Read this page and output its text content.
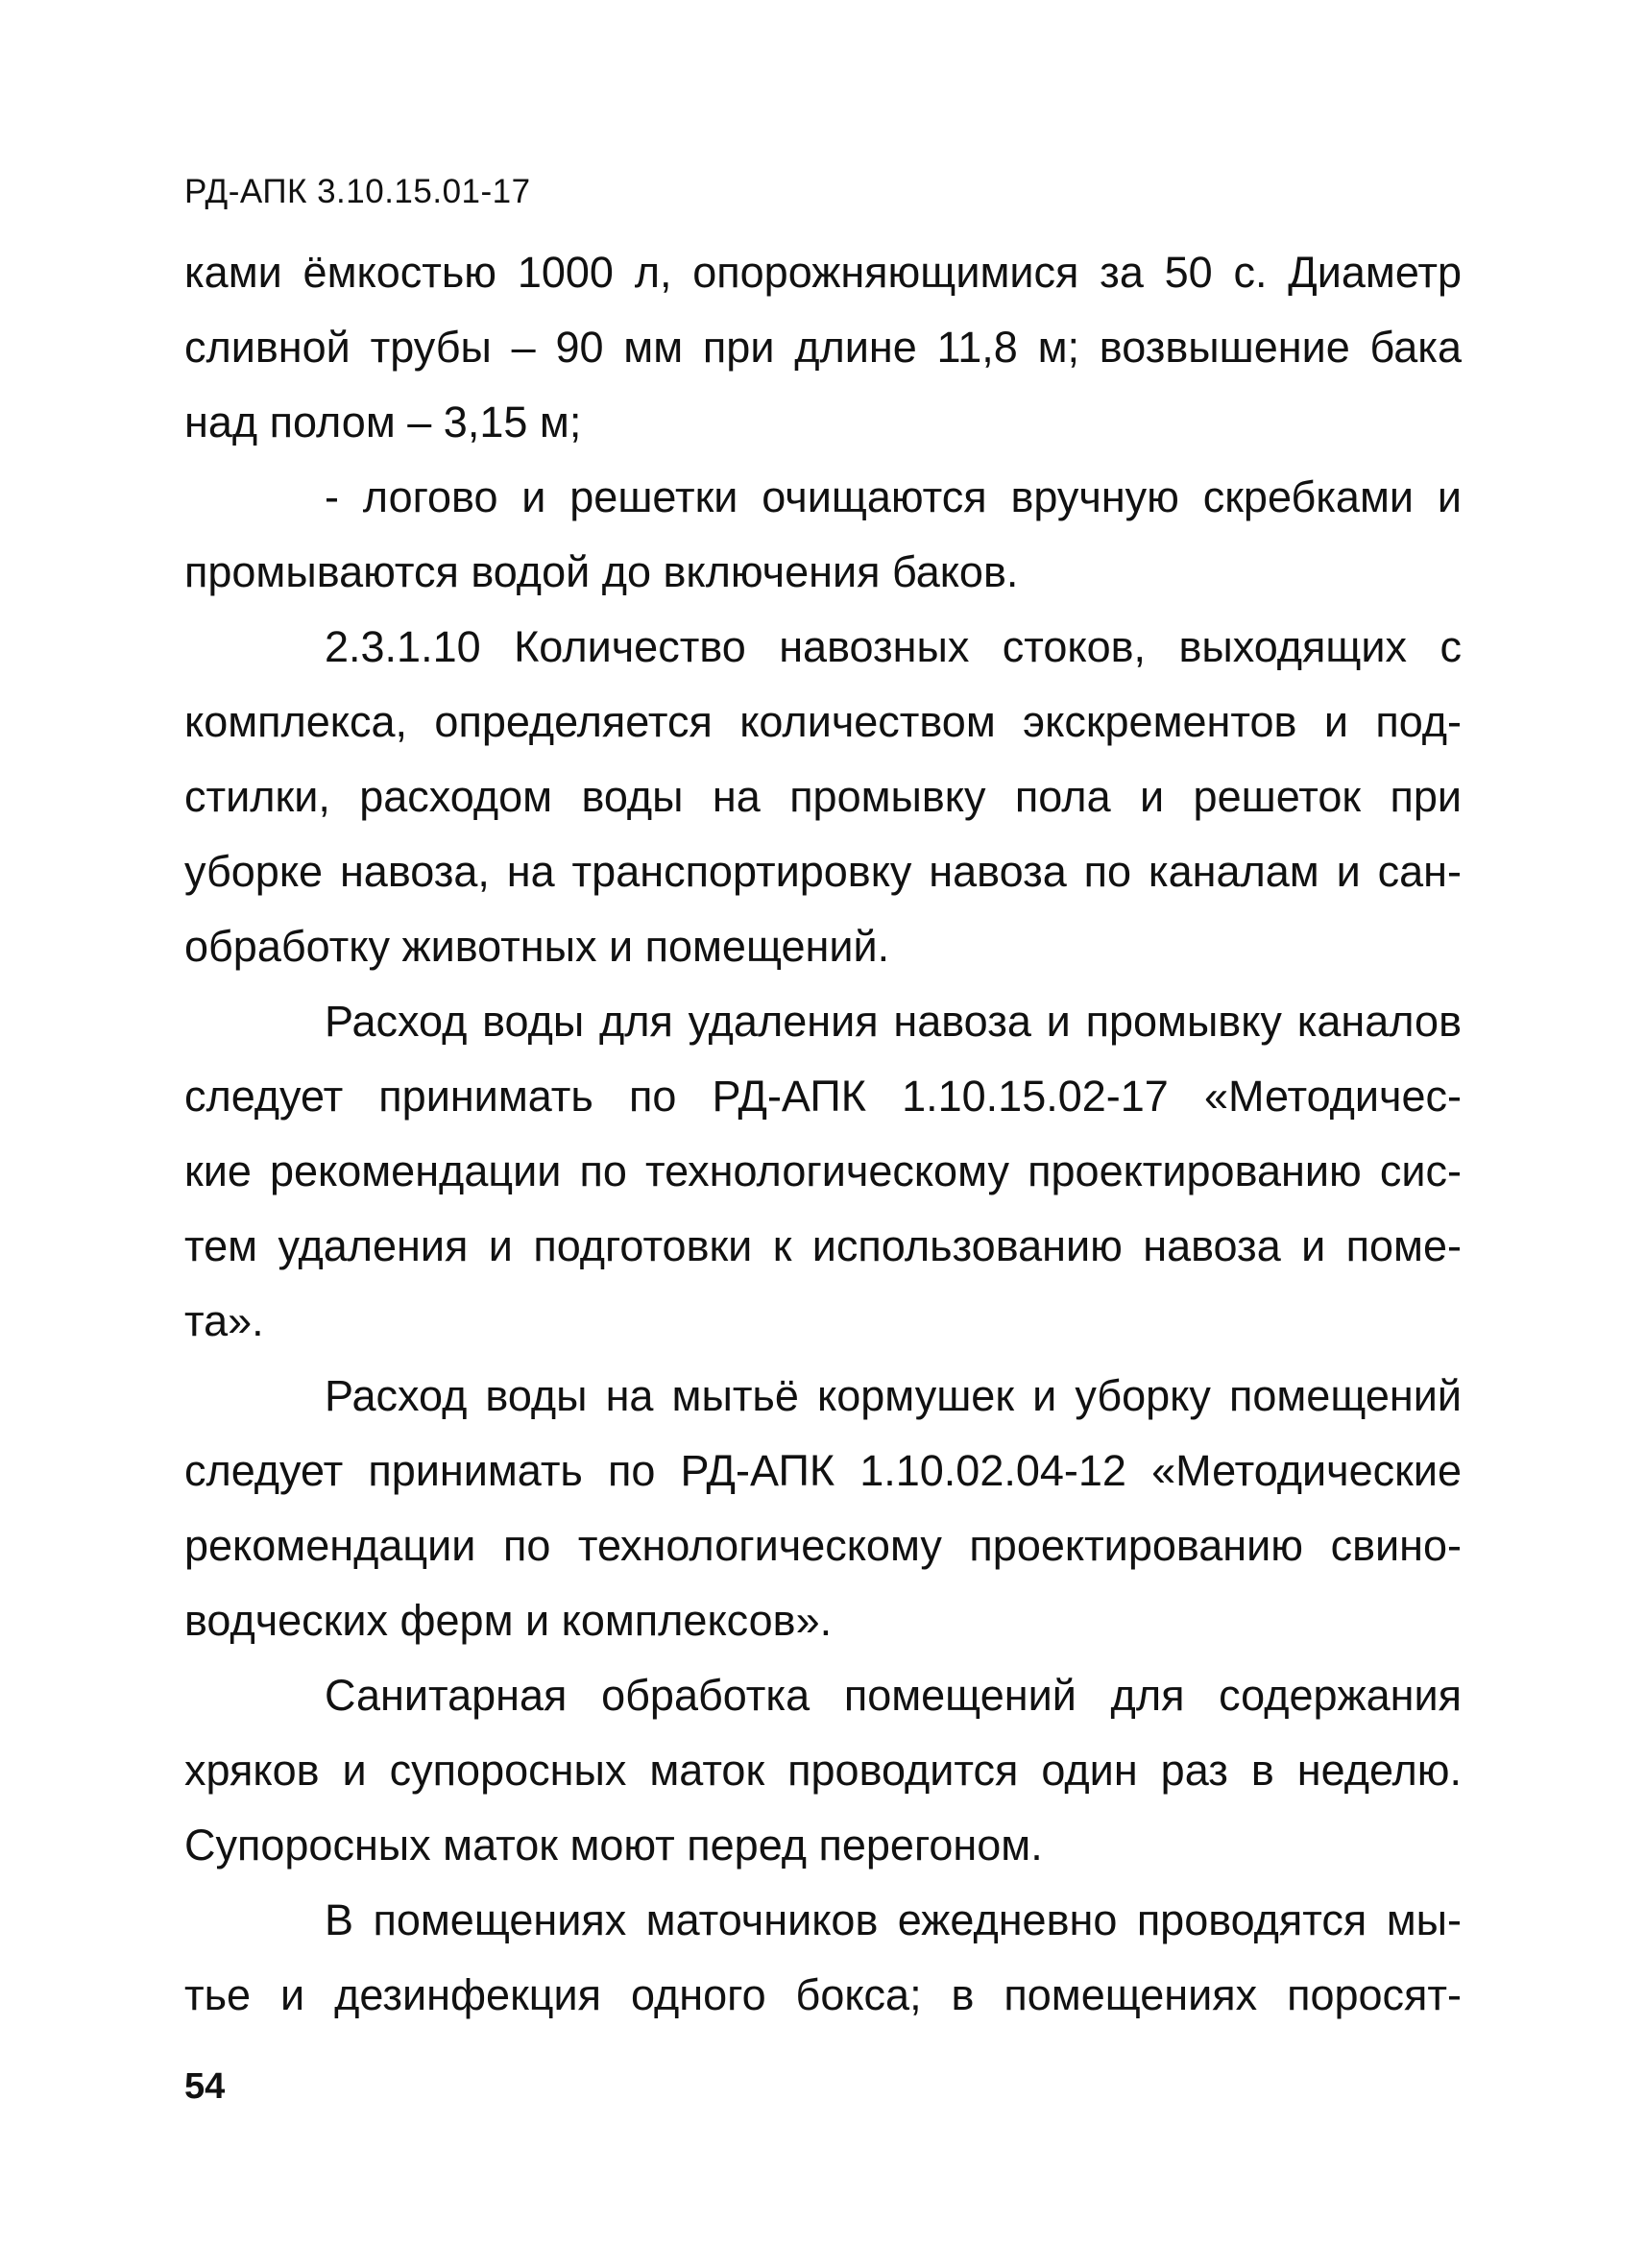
РД-АПК 3.10.15.01-17
ками ёмкостью 1000 л, опорожняющимися за 50 с. Диаметр
сливной трубы – 90 мм при длине 11,8 м; возвышение бака
над полом – 3,15 м;
- логово и решетки очищаются вручную скребками и
промываются водой до включения баков.
2.3.1.10 Количество навозных стоков, выходящих с
комплекса, определяется количеством экскрементов и под-
стилки, расходом воды на промывку пола и решеток при
уборке навоза, на транспортировку навоза по каналам и сан-
обработку животных и помещений.
Расход воды для удаления навоза и промывку каналов
следует принимать по РД-АПК 1.10.15.02-17 «Методичес-
кие рекомендации по технологическому проектированию сис-
тем удаления и подготовки к использованию навоза и поме-
та».
Расход воды на мытьё кормушек и уборку помещений
следует принимать по РД-АПК 1.10.02.04-12 «Методические
рекомендации по технологическому проектированию свино-
водческих ферм и комплексов».
Санитарная обработка помещений для содержания
хряков и супоросных маток проводится один раз в неделю.
Супоросных маток моют перед перегоном.
В помещениях маточников ежедневно проводятся мы-
тье и дезинфекция одного бокса; в помещениях поросят-
54
